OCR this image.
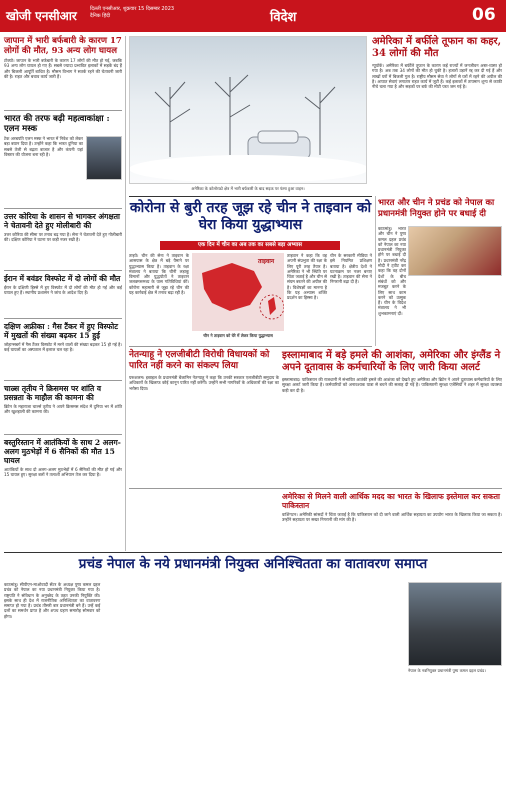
खोजी एनसीआर	दिल्ली एनसीआर, शुक्रवार 15 दिसम्बर 2023
दैनिक हिंदी	विदेश	06
जापान में भारी बर्फबारी के कारण 17 लोगों की मौत, 93 अन्य लोग घायल
टोक्यो। जापान के भारी बर्फबारी के कारण 17 लोगों की मौत हो गई, जबकि 93 अन्य लोग घायल हो गए हैं। सबसे ज्यादा प्रभावित इलाकों में सड़कें बंद हैं और बिजली आपूर्ति बाधित है। मौसम विभाग ने सतर्क रहने की चेतावनी जारी की है। राहत और बचाव कार्य जारी हैं।
भारत की तरफ बढ़ी महत्वाकांक्षा : एलन मस्क
टेक अरबपति एलन मस्क ने भारत में निवेश को लेकर बड़ा बयान दिया है। उन्होंने कहा कि भारत दुनिया का सबसे तेजी से बढ़ता बाजार है और कंपनी यहां विस्तार की योजना बना रही है।
उत्तर कोरिया के शासन से भागकर अंगक्षता ने चेतावनी देते हुए मोलीबारी की
उत्तर कोरिया की सीमा पर तनाव बढ़ गया है। सेना ने चेतावनी देते हुए गोलीबारी की। दक्षिण कोरिया ने घटना पर कड़ी नजर रखी है।
ईरान में बवंडर विस्फोट में दो लोगों की मौत
ईरान के दक्षिणी हिस्से में हुए विस्फोट में दो लोगों की मौत हो गई और कई घायल हुए हैं। स्थानीय प्रशासन ने जांच के आदेश दिए हैं।
दक्षिण अफ्रीका : गैस टैंकर में हुए विस्फोट में मुखतों की संख्या बढ़कर 15 हुई
जोहान्सबर्ग में गैस टैंकर विस्फोट में मरने वालों की संख्या बढ़कर 15 हो गई है। कई घायलों का अस्पताल में इलाज चल रहा है।
चाल्र्स तृतीय ने क्रिसमस पर शांति व प्रसन्नता के माहौल की कामना की
ब्रिटेन के महाराजा चार्ल्स तृतीय ने अपने क्रिसमस संदेश में दुनिया भर में शांति और खुशहाली की कामना की।
बस्तुरिस्तान में आतंकियों के साथ 2 अलग-अलग मुठभेड़ों में 6 सैनिकों की मौत 15 घायल
आतंकियों के साथ दो अलग-अलग मुठभेड़ों में 6 सैनिकों की मौत हो गई और 15 घायल हुए। सुरक्षा बलों ने तलाशी अभियान तेज कर दिया है।
अमेरिका के कोलोराडो क्षेत्र में भारी बर्फबारी के बाद सड़क पर फंसा हुआ वाहन।
अमेरिका में बर्फीले तूफान का कहर, 34 लोगों की मौत
न्यूयॉर्क। अमेरिका में बर्फीले तूफान के कारण कई राज्यों में जनजीवन अस्त-व्यस्त हो गया है। अब तक 34 लोगों की मौत हो चुकी है। हजारों उड़ानें रद्द कर दी गई हैं और लाखों घरों में बिजली गुल है। राष्ट्रीय मौसम सेवा ने लोगों से घरों में रहने की अपील की है। आपात सेवाएं लगातार राहत कार्य में जुटी हैं। कई इलाकों में तापमान शून्य से काफी नीचे चला गया है और सड़कों पर बर्फ की मोटी परत जम गई है।
कोरोना से बुरी तरह जूझ रहे चीन ने ताइवान को घेरा किया युद्धाभ्यास
एक दिन में चीन का अब तक का सबसे बड़ा अभ्यास
ताइपे। चीन की सेना ने ताइवान के आसपास के क्षेत्र में बड़े पैमाने पर युद्धाभ्यास किया है। ताइवान के रक्षा मंत्रालय ने बताया कि चीनी लड़ाकू विमानों और युद्धपोतों ने ताइवान जलडमरूमध्य के पास गतिविधियां कीं। कोरोना महामारी से जूझ रहे चीन की यह कार्रवाई क्षेत्र में तनाव बढ़ा रही है।
ताइवान
चीन ने ताइवान को घेरे में लेकर किया युद्धाभ्यास
ताइवान ने कहा कि वह अपनी संप्रभुता की रक्षा के लिए पूरी तरह तैयार है। अमेरिका ने भी स्थिति पर चिंता जताई है और चीन से संयम बरतने की अपील की है। विशेषज्ञों का मानना है कि यह अभ्यास शक्ति प्रदर्शन का हिस्सा है।
चीन के सरकारी मीडिया ने इसे नियमित प्रशिक्षण बताया है। क्षेत्रीय देशों ने घटनाक्रम पर नजर बनाए रखी है। ताइवान की सेना ने निगरानी बढ़ा दी है।
भारत और चीन ने प्रचंड को नेपाल का प्रधानमंत्री नियुक्त होने पर बधाई दी
काठमांडू। भारत और चीन ने पुष्प कमल दहल प्रचंड को नेपाल का नया प्रधानमंत्री नियुक्त होने पर बधाई दी है। प्रधानमंत्री नरेंद्र मोदी ने ट्वीट कर कहा कि वह दोनों देशों के बीच संबंधों को और मजबूत करने के लिए साथ काम करने को उत्सुक हैं। चीन के विदेश मंत्रालय ने भी शुभकामनाएं दीं।
नेतन्याहू ने एलजीबीटी विरोधी विधायकों को पारित नहीं करने का संकल्प लिया
यरूशलम। इस्राइल के प्रधानमंत्री बेंजामिन नेतन्याहू ने कहा कि उनकी सरकार एलजीबीटी समुदाय के अधिकारों के खिलाफ कोई कानून पारित नहीं करेगी। उन्होंने सभी नागरिकों के अधिकारों की रक्षा का भरोसा दिया।
इस्लामाबाद में बड़े हमले की आशंका, अमेरिका और इंग्लैंड ने अपने दूतावास के कर्मचारियों के लिए जारी किया अलर्ट
इस्लामाबाद। पाकिस्तान की राजधानी में संभावित आतंकी हमले की आशंका को देखते हुए अमेरिका और ब्रिटेन ने अपने दूतावास कर्मचारियों के लिए सुरक्षा अलर्ट जारी किया है। कर्मचारियों को अनावश्यक यात्रा से बचने की सलाह दी गई है। पाकिस्तानी सुरक्षा एजेंसियों ने शहर में सुरक्षा व्यवस्था कड़ी कर दी है।
अमेरिका से मिलने वाली आर्थिक मदद का भारत के खिलाफ इस्तेमाल कर सकता पाकिस्तान
वाशिंगटन। अमेरिकी सांसदों ने चिंता जताई है कि पाकिस्तान को दी जाने वाली आर्थिक सहायता का उपयोग भारत के खिलाफ किया जा सकता है। उन्होंने सहायता पर सख्त निगरानी की मांग की है।
प्रचंड नेपाल के नये प्रधानमंत्री नियुक्त अनिश्चितता का वातावरण समाप्त
काठमांडू। सीपीएन-माओवादी सेंटर के अध्यक्ष पुष्प कमल दहल प्रचंड को नेपाल का नया प्रधानमंत्री नियुक्त किया गया है। राष्ट्रपति ने संविधान के अनुच्छेद के तहत उनकी नियुक्ति की। इसके साथ ही देश में राजनीतिक अनिश्चितता का वातावरण समाप्त हो गया है। प्रचंड तीसरी बार प्रधानमंत्री बने हैं। उन्हें कई दलों का समर्थन प्राप्त है और शपथ ग्रहण समारोह सोमवार को होगा।
नेपाल के नवनियुक्त प्रधानमंत्री पुष्प कमल दहल प्रचंड।
